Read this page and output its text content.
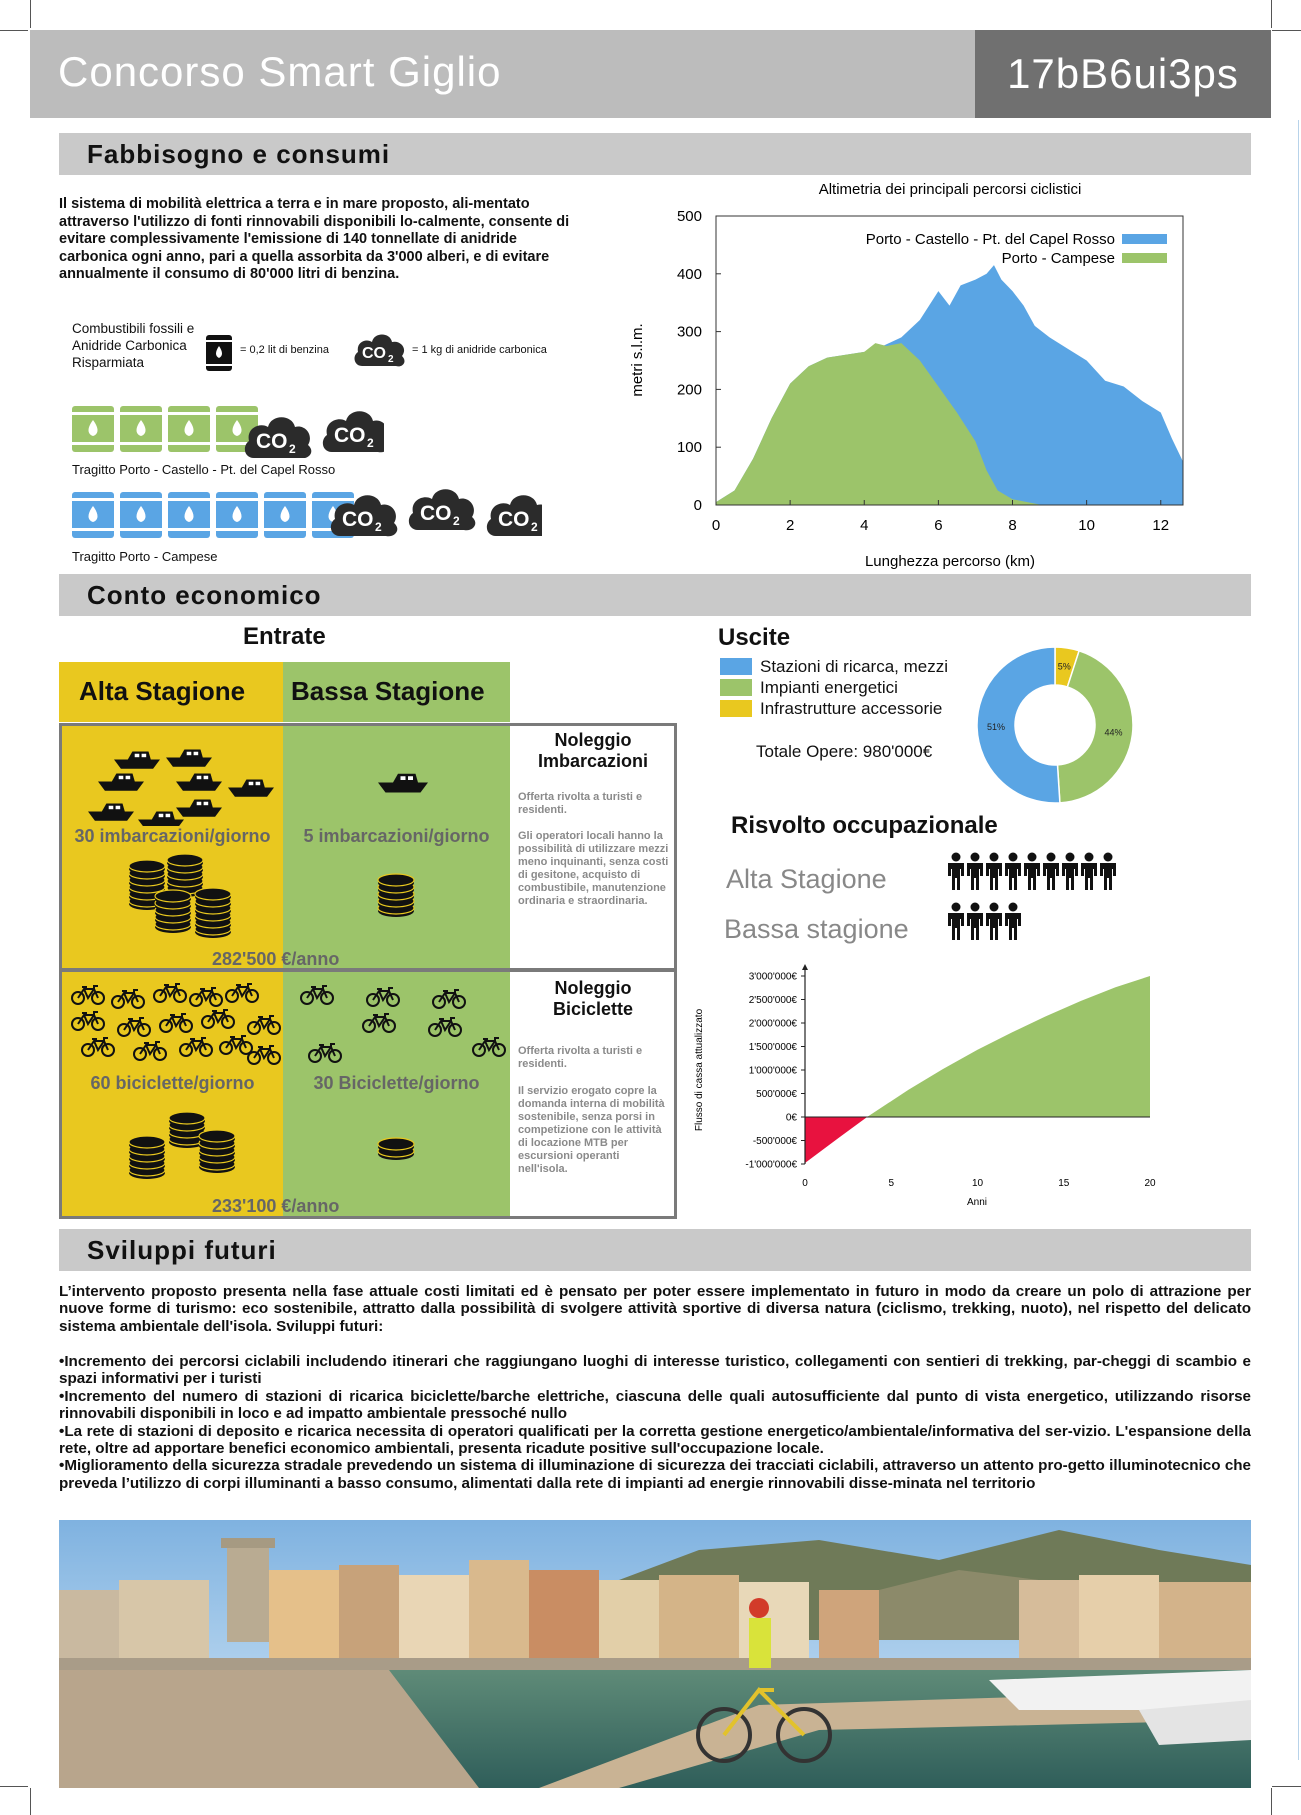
Concorso Smart Giglio	17bB6ui3ps
Fabbisogno e consumi
Il sistema di mobilità elettrica a terra e in mare proposto, ali-mentato attraverso l'utilizzo di fonti rinnovabili disponibili lo-calmente, consente di evitare complessivamente l'emissione di 140 tonnellate di anidride carbonica ogni anno, pari a quella assorbita da 3'000 alberi, e di evitare annualmente il consumo di 80'000 litri di benzina.
Combustibili fossili e Anidride Carbonica Risparmiata
= 0,2 lit di benzina CO 2
= 1 kg di anidride carbonica
CO 2
CO 2
Tragitto Porto - Castello - Pt. del Capel Rosso
CO 2
CO 2 CO 2
Tragitto Porto - Campese
Altimetria dei principali percorsi ciclistici
0
100
200
300
400
500
0	2	4	6	8	10	12
Lunghezza percorso (km)
metri s.l.m.
Porto - Castello - Pt. del Capel Rosso
Porto - Campese
Conto economico
Entrate
Alta Stagione Bassa Stagione
30 imbarcazioni/giorno	5 imbarcazioni/giorno
282'500 €/anno
Noleggio Imbarcazioni
Offerta rivolta a turisti e residenti.
Gli operatori locali hanno la possibilità di utilizzare mezzi meno inquinanti, senza costi di gesitone, acquisto di combustibile, manutenzione ordinaria e straordinaria.
60 biciclette/giorno	30 Biciclette/giorno
233'100 €/anno
Noleggio Biciclette
Offerta rivolta a turisti e residenti.
Il servizio erogato copre la domanda interna di mobilità sostenibile, senza porsi in competizione con le attività di locazione MTB per escursioni operanti nell'isola.
Uscite
Stazioni di ricarca, mezzi
Impianti energetici
Infrastrutture accessorie
Totale Opere: 980'000€
5%
44%
51%
Risvolto occupazionale
Alta Stagione
Bassa stagione
-1'000'000€
-500'000€
0€
500'000€
1'000'000€
1'500'000€
2'000'000€
2'500'000€
3'000'000€
0	5	10	15	20
Anni
Flusso di cassa attualizzato
Sviluppi futuri
L’intervento proposto presenta nella fase attuale costi limitati ed è pensato per poter essere implementato in futuro in modo da creare un polo di attrazione per nuove forme di turismo: eco sostenibile, attratto dalla possibilità di svolgere attività sportive di diversa natura (ciclismo, trekking, nuoto), nel rispetto del delicato sistema ambientale dell'isola. Sviluppi futuri:
•Incremento dei percorsi ciclabili includendo itinerari che raggiungano luoghi di interesse turistico, collegamenti con sentieri di trekking, par-cheggi di scambio e spazi informativi per i turisti
•Incremento del numero di stazioni di ricarica biciclette/barche elettriche, ciascuna delle quali autosufficiente dal punto di vista energetico, utilizzando risorse rinnovabili disponibili in loco e ad impatto ambientale pressoché nullo
•La rete di stazioni di deposito e ricarica necessita di operatori qualificati per la corretta gestione energetico/ambientale/informativa del ser-vizio. L'espansione della rete, oltre ad apportare benefici economico ambientali, presenta ricadute positive sull'occupazione locale.
•Miglioramento della sicurezza stradale prevedendo un sistema di illuminazione di sicurezza dei tracciati ciclabili, attraverso un attento pro-getto illuminotecnico che preveda l’utilizzo di corpi illuminanti a basso consumo, alimentati dalla rete di impianti ad energie rinnovabili disse-minata nel territorio
